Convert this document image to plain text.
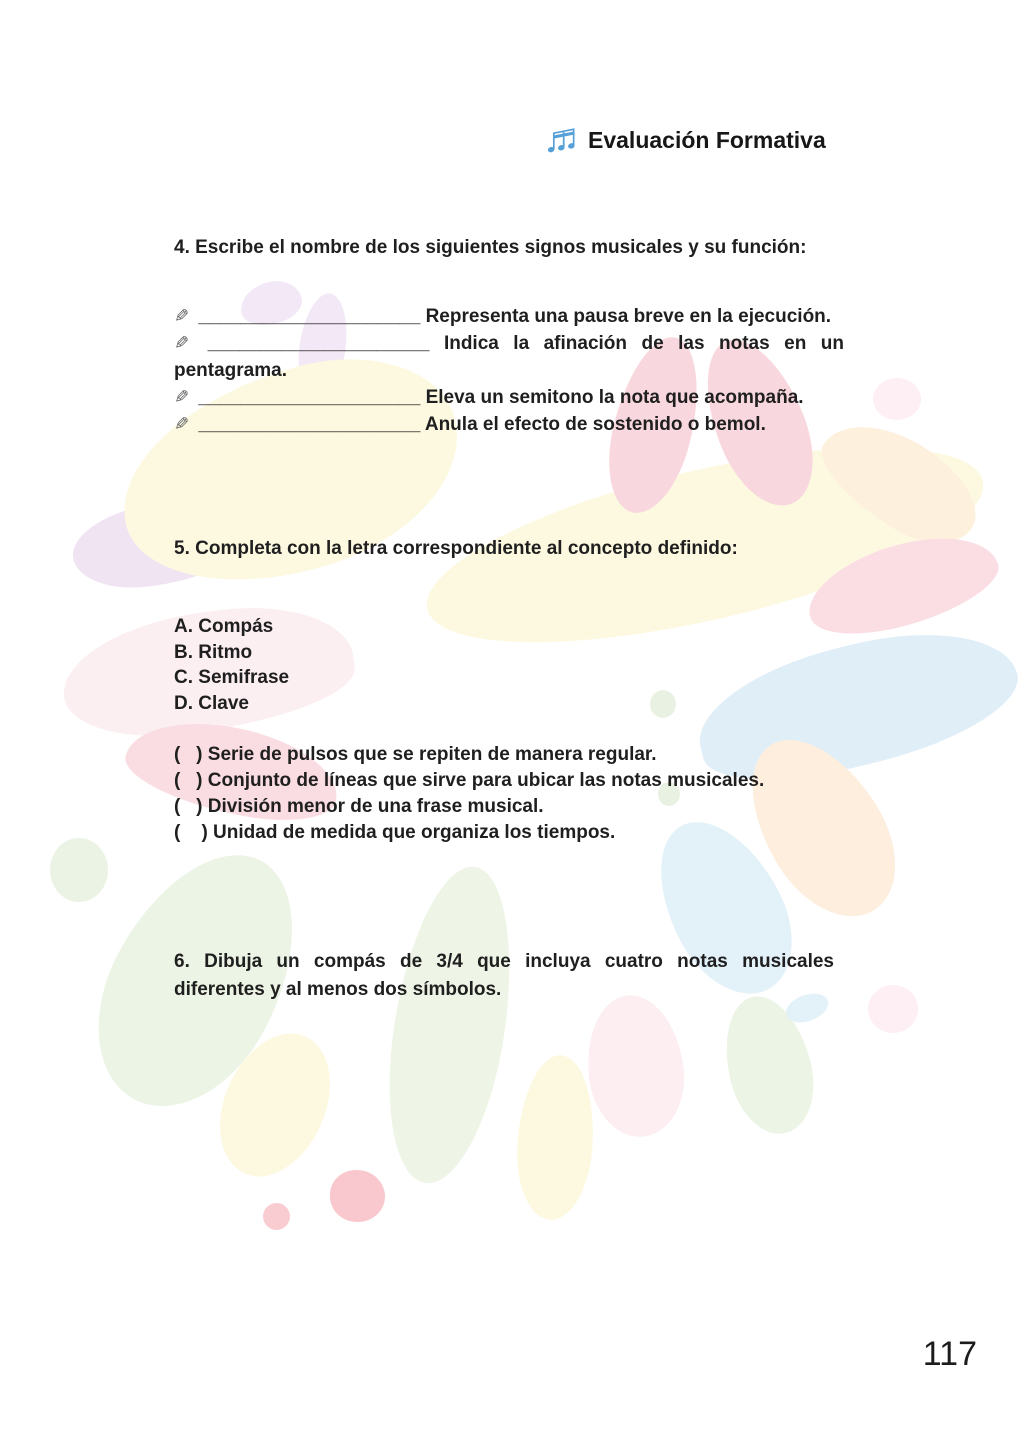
Evaluación Formativa

4. Escribe el nombre de los siguientes signos musicales y su función:

✎ _____________________ Representa una pausa breve en la ejecución.

✎ _____________________ Indica la afinación de las notas en un pentagrama.

✎ _____________________ Eleva un semitono la nota que acompaña.

✎ _____________________ Anula el efecto de sostenido o bemol.

5. Completa con la letra correspondiente al concepto definido:

A. Compás
B. Ritmo
C. Semifrase
D. Clave
(   ) Serie de pulsos que se repiten de manera regular.
(   ) Conjunto de líneas que sirve para ubicar las notas musicales.
(   ) División menor de una frase musical.
(    ) Unidad de medida que organiza los tiempos.

6. Dibuja un compás de 3/4 que incluya cuatro notas musicales diferentes y al menos dos símbolos.

117
